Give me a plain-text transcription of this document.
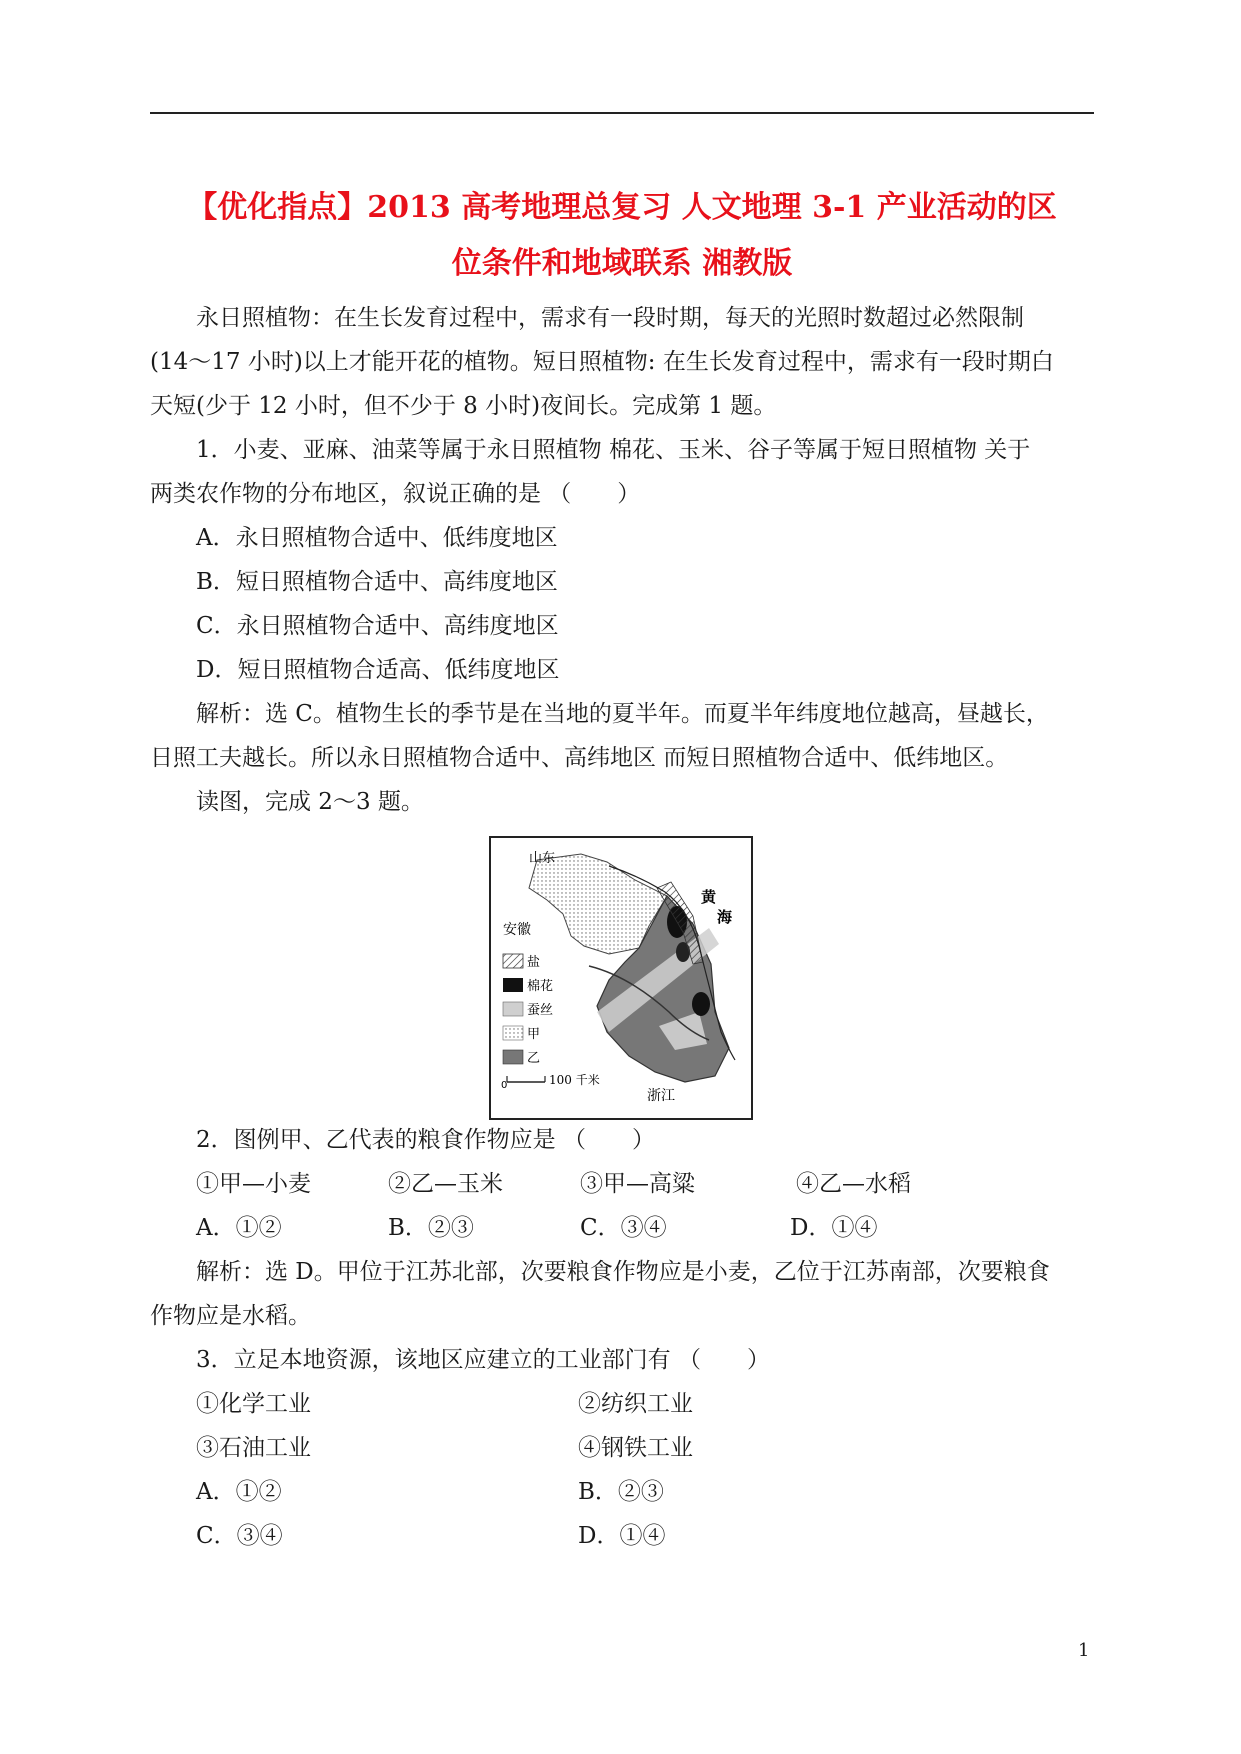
【优化指点】2013 高考地理总复习 人文地理 3-1 产业活动的区
位条件和地域联系 湘教版
永日照植物：在生长发育过程中，需求有一段时期，每天的光照时数超过必然限制
(14～17 小时)以上才能开花的植物。短日照植物: 在生长发育过程中，需求有一段时期白
天短(少于 12 小时，但不少于 8 小时)夜间长。完成第 1 题。
1．小麦、亚麻、油菜等属于永日照植物 棉花、玉米、谷子等属于短日照植物 关于
两类农作物的分布地区，叙说正确的是 （　　）
A．永日照植物合适中、低纬度地区
B．短日照植物合适中、高纬度地区
C．永日照植物合适中、高纬度地区
D．短日照植物合适高、低纬度地区
解析：选 C。植物生长的季节是在当地的夏半年。而夏半年纬度地位越高，昼越长，
日照工夫越长。所以永日照植物合适中、高纬地区 而短日照植物合适中、低纬地区。
读图，完成 2～3 题。
山东
安徽
黄
海
浙江
盐
棉花
蚕丝
甲
乙
0	100 千米
2．图例甲、乙代表的粮食作物应是 （　　）
①甲—小麦	②乙—玉米	③甲—高粱	④乙—水稻
A．①②	B．②③	C．③④	D．①④
解析：选 D。甲位于江苏北部，次要粮食作物应是小麦，乙位于江苏南部，次要粮食
作物应是水稻。
3．立足本地资源，该地区应建立的工业部门有 （　　）
①化学工业	②纺织工业
③石油工业	④钢铁工业
A．①②	B．②③
C．③④	D．①④
1
